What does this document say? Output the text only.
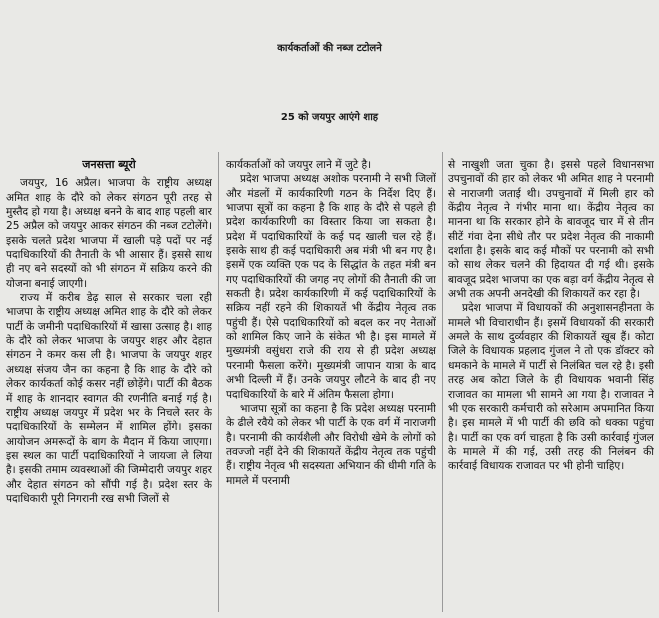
कार्यकर्ताओं की नब्ज टटोलने
25 को जयपुर आएंगे शाह
जनसत्ता ब्यूरो

जयपुर, 16 अप्रैल। भाजपा के राष्ट्रीय अध्यक्ष अमित शाह के दौरे को लेकर संगठन पूरी तरह से मुस्तैद हो गया है। अध्यक्ष बनने के बाद शाह पहली बार 25 अप्रैल को जयपुर आकर संगठन की नब्ज टटोलेंगे। इसके चलते प्रदेश भाजपा में खाली पड़े पदों पर नई पदाधिकारियों की तैनाती के भी आसार हैं। इससे साथ ही नए बने सदस्यों को भी संगठन में सक्रिय करने की योजना बनाई जाएगी।

राज्य में करीब डेढ़ साल से सरकार चला रही भाजपा के राष्ट्रीय अध्यक्ष अमित शाह के दौरे को लेकर पार्टी के जमीनी पदाधिकारियों में खासा उत्साह है। शाह के दौरे को लेकर भाजपा के जयपुर शहर और देहात संगठन ने कमर कस ली है। भाजपा के जयपुर शहर अध्यक्ष संजय जैन का कहना है कि शाह के दौरे को लेकर कार्यकर्ता कोई कसर नहीं छोड़ेंगे। पार्टी की बैठक में शाह के शानदार स्वागत की रणनीति बनाई गई है। राष्ट्रीय अध्यक्ष जयपुर में प्रदेश भर के निचले स्तर के पदाधिकारियों के सम्मेलन में शामिल होंगे। इसका आयोजन अमरूदों के बाग के मैदान में किया जाएगा। इस स्थल का पार्टी पदाधिकारियों ने जायजा ले लिया है। इसकी तमाम व्यवस्थाओं की जिम्मेदारी जयपुर शहर और देहात संगठन को सौंपी गई है। प्रदेश स्तर के पदाधिकारी पूरी निगरानी रख सभी जिलों से

कार्यकर्ताओं को जयपुर लाने में जुटे है।

प्रदेश भाजपा अध्यक्ष अशोक परनामी ने सभी जिलों और मंडलों में कार्यकारिणी गठन के निर्देश दिए हैं। भाजपा सूत्रों का कहना है कि शाह के दौरे से पहले ही प्रदेश कार्यकारिणी का विस्तार किया जा सकता है। प्रदेश में पदाधिकारियों के कई पद खाली चल रहे हैं। इसके साथ ही कई पदाधिकारी अब मंत्री भी बन गए है। इसमें एक व्यक्ति एक पद के सिद्धांत के तहत मंत्री बन गए पदाधिकारियों की जगह नए लोगों की तैनाती की जा सकती है। प्रदेश कार्यकारिणी में कई पदाधिकारियों के सक्रिय नहीं रहने की शिकायतें भी केंद्रीय नेतृत्व तक पहुंची हैं। ऐसे पदाधिकारियों को बदल कर नए नेताओं को शामिल किए जाने के संकेत भी है। इस मामले में मुख्यमंत्री वसुंधरा राजे की राय से ही प्रदेश अध्यक्ष परनामी फैसला करेंगे। मुख्यमंत्री जापान यात्रा के बाद अभी दिल्ली में हैं। उनके जयपुर लौटने के बाद ही नए पदाधिकारियों के बारे में अंतिम फैसला होगा।

भाजपा सूत्रों का कहना है कि प्रदेश अध्यक्ष परनामी के ढीले रवैये को लेकर भी पार्टी के एक वर्ग में नाराजगी है। परनामी की कार्यशैली और विरोधी खेमे के लोगों को तवज्जो नहीं देने की शिकायतें केंद्रीय नेतृत्व तक पहुंची हैं। राष्ट्रीय नेतृत्व भी सदस्यता अभियान की धीमी गति के मामले में परनामी

से नाखुशी जता चुका है। इससे पहले विधानसभा उपचुनावों की हार को लेकर भी अमित शाह ने परनामी से नाराजगी जताई थी। उपचुनावों में मिली हार को केंद्रीय नेतृत्व ने गंभीर माना था। केंद्रीय नेतृत्व का मानना था कि सरकार होने के बावजूद चार में से तीन सीटें गंवा देना सीधे तौर पर प्रदेश नेतृत्व की नाकामी दर्शाता है। इसके बाद कई मौकों पर परनामी को सभी को साथ लेकर चलने की हिदायत दी गई थी। इसके बावजूद प्रदेश भाजपा का एक बड़ा वर्ग केंद्रीय नेतृत्व से अभी तक अपनी अनदेखी की शिकायतें कर रहा है।

प्रदेश भाजपा में विधायकों की अनुशासनहीनता के मामले भी विचाराधीन हैं। इसमें विधायकों की सरकारी अमले के साथ दुर्व्यवहार की शिकायतें खूब हैं। कोटा जिले के विधायक प्रहलाद गुंजल ने तो एक डॉक्टर को धमकाने के मामले में पार्टी से निलंबित चल रहे है। इसी तरह अब कोटा जिले के ही विधायक भवानी सिंह राजावत का मामला भी सामने आ गया है। राजावत ने भी एक सरकारी कर्मचारी को सरेआम अपमानित किया है। इस मामले में भी पार्टी की छवि को धक्का पहुंचा है। पार्टी का एक वर्ग चाहता है कि उसी कार्रवाई गुंजल के मामले में की गई, उसी तरह की निलंबन की कार्रवाई विधायक राजावत पर भी होनी चाहिए।
